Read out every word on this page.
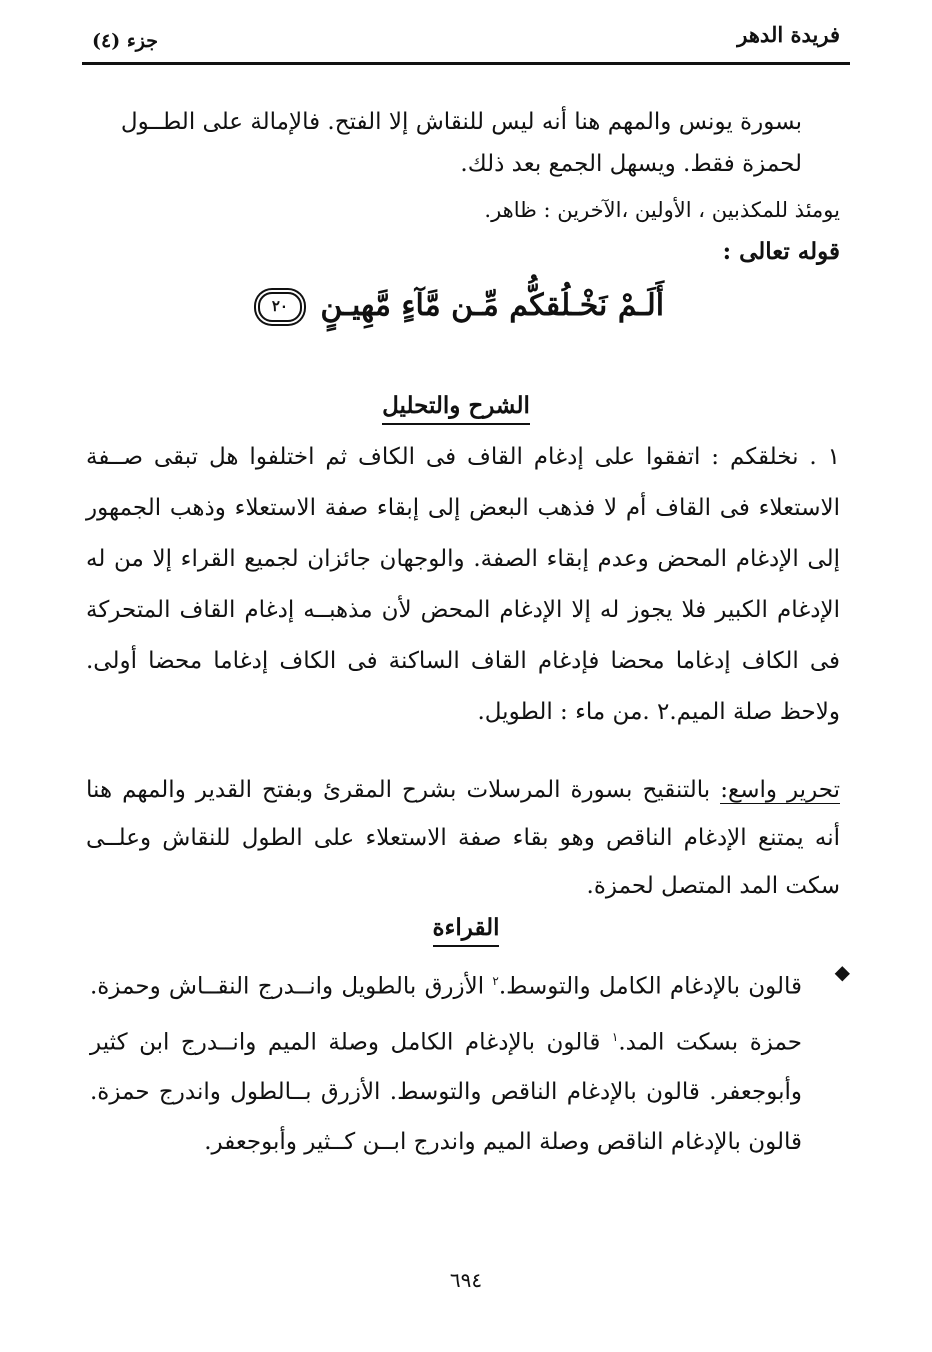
فريدة الدهر
جزء (٤)
بسورة يونس والمهم هنا أنه ليس للنقاش إلا الفتح. فالإمالة على الطــول
لحمزة فقط. ويسهل الجمع بعد ذلك.
يومئذ للمكذبين ، الأولين ،الآخرين : ظاهر.
قوله تعالى :
أَلَـمْ نَخْـلُقكُّم مِّـن مَّآءٍ مَّهِيـنٍ ٢٠
الشرح والتحليل
١ . نخلقكم : اتفقوا على إدغام القاف فى الكاف ثم اختلفوا هل تبقى صــفة الاستعلاء فى القاف أم لا فذهب البعض إلى إبقاء صفة الاستعلاء وذهب الجمهور إلى الإدغام المحض وعدم إبقاء الصفة. والوجهان جائزان لجميع القراء إلا من له الإدغام الكبير فلا يجوز له إلا الإدغام المحض لأن مذهبــه إدغام القاف المتحركة فى الكاف إدغاما محضا فإدغام القاف الساكنة فى الكاف إدغاما محضا أولى. ولاحظ صلة الميم.٢ .من ماء : الطويل.
تحرير واسع: بالتنقيح بسورة المرسلات بشرح المقرئ وبفتح القدير والمهم هنا أنه يمتنع الإدغام الناقص وهو بقاء صفة الاستعلاء على الطول للنقاش وعلــى سكت المد المتصل لحمزة.
القراءة
◆
قالون بالإدغام الكامل والتوسط.$^٢$ الأزرق بالطويل وانــدرج النقــاش وحمزة. حمزة بسكت المد.$^١$ قالون بالإدغام الكامل وصلة الميم وانــدرج ابن كثير وأبوجعفر. قالون بالإدغام الناقص والتوسط. الأزرق بــالطول واندرج حمزة. قالون بالإدغام الناقص وصلة الميم واندرج ابــن كــثير وأبوجعفر.
٦٩٤
